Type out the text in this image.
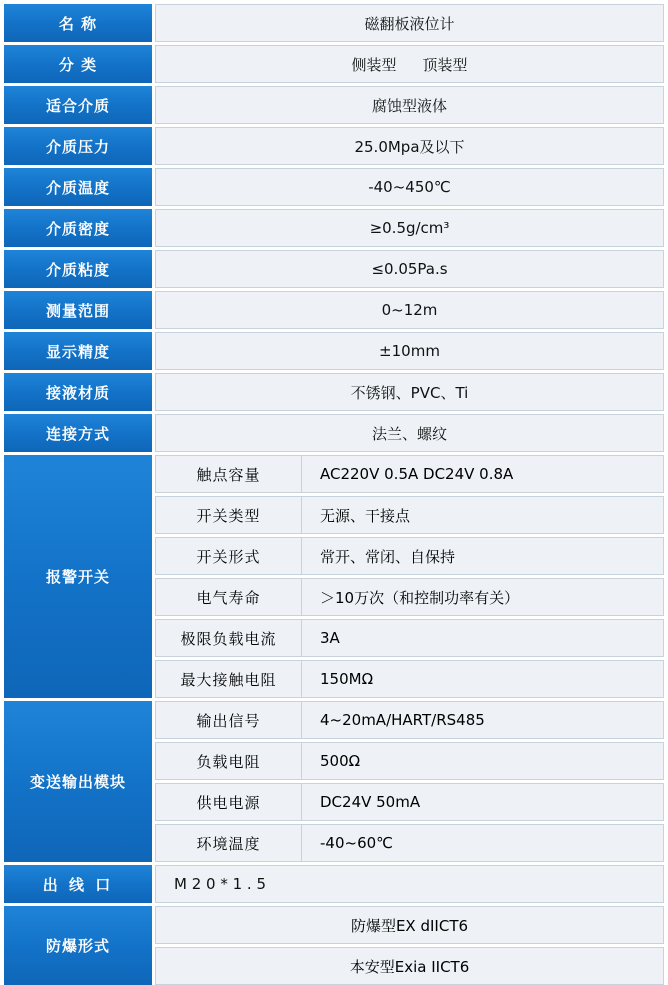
名 称	磁翻板液位计
分 类	侧装型 顶装型
适合介质	腐蚀型液体
介质压力	25.0Mpa及以下
介质温度	-40~450℃
介质密度	≥0.5g/cm³
介质粘度	≤0.05Pa.s
测量范围	0~12m
显示精度	±10mm
接液材质	不锈钢、PVC、Ti
连接方式	法兰、螺纹
报警开关
触点容量	AC220V 0.5A DC24V 0.8A
开关类型	无源、干接点
开关形式	常开、常闭、自保持
电气寿命	＞10万次（和控制功率有关）
极限负载电流	3A
最大接触电阻	150MΩ
变送输出模块
输出信号	4~20mA/HART/RS485
负载电阻	500Ω
供电电源	DC24V 50mA
环境温度	-40~60℃
出 线 口	M 2 0 * 1 . 5
防爆形式
防爆型EX dIICT6
本安型Exia IICT6
